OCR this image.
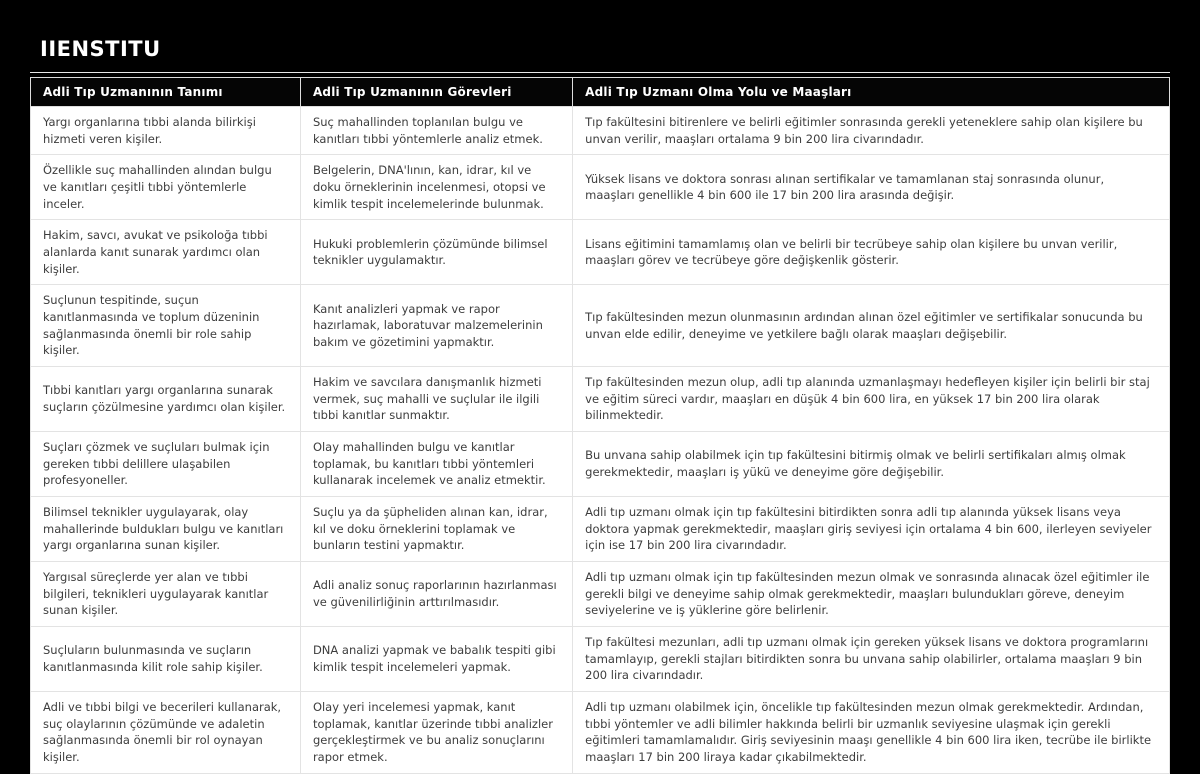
IIENSTITU
Adli Tıp Uzmanının Tanımı	Adli Tıp Uzmanının Görevleri	Adli Tıp Uzmanı Olma Yolu ve Maaşları
Yargı organlarına tıbbi alanda bilirkişi hizmeti veren kişiler.	Suç mahallinden toplanılan bulgu ve kanıtları tıbbi yöntemlerle analiz etmek.	Tıp fakültesini bitirenlere ve belirli eğitimler sonrasında gerekli yeteneklere sahip olan kişilere bu unvan verilir, maaşları ortalama 9 bin 200 lira civarındadır.
Özellikle suç mahallinden alından bulgu ve kanıtları çeşitli tıbbi yöntemlerle inceler.	Belgelerin, DNA'lının, kan, idrar, kıl ve doku örneklerinin incelenmesi, otopsi ve kimlik tespit incelemelerinde bulunmak.	Yüksek lisans ve doktora sonrası alınan sertifikalar ve tamamlanan staj sonrasında olunur, maaşları genellikle 4 bin 600 ile 17 bin 200 lira arasında değişir.
Hakim, savcı, avukat ve psikoloğa tıbbi alanlarda kanıt sunarak yardımcı olan kişiler.	Hukuki problemlerin çözümünde bilimsel teknikler uygulamaktır.	Lisans eğitimini tamamlamış olan ve belirli bir tecrübeye sahip olan kişilere bu unvan verilir, maaşları görev ve tecrübeye göre değişkenlik gösterir.
Suçlunun tespitinde, suçun kanıtlanmasında ve toplum düzeninin sağlanmasında önemli bir role sahip kişiler.	Kanıt analizleri yapmak ve rapor hazırlamak, laboratuvar malzemelerinin bakım ve gözetimini yapmaktır.	Tıp fakültesinden mezun olunmasının ardından alınan özel eğitimler ve sertifikalar sonucunda bu unvan elde edilir, deneyime ve yetkilere bağlı olarak maaşları değişebilir.
Tıbbi kanıtları yargı organlarına sunarak suçların çözülmesine yardımcı olan kişiler.	Hakim ve savcılara danışmanlık hizmeti vermek, suç mahalli ve suçlular ile ilgili tıbbi kanıtlar sunmaktır.	Tıp fakültesinden mezun olup, adli tıp alanında uzmanlaşmayı hedefleyen kişiler için belirli bir staj ve eğitim süreci vardır, maaşları en düşük 4 bin 600 lira, en yüksek 17 bin 200 lira olarak bilinmektedir.
Suçları çözmek ve suçluları bulmak için gereken tıbbi delillere ulaşabilen profesyoneller.	Olay mahallinden bulgu ve kanıtlar toplamak, bu kanıtları tıbbi yöntemleri kullanarak incelemek ve analiz etmektir.	Bu unvana sahip olabilmek için tıp fakültesini bitirmiş olmak ve belirli sertifikaları almış olmak gerekmektedir, maaşları iş yükü ve deneyime göre değişebilir.
Bilimsel teknikler uygulayarak, olay mahallerinde buldukları bulgu ve kanıtları yargı organlarına sunan kişiler.	Suçlu ya da şüpheliden alınan kan, idrar, kıl ve doku örneklerini toplamak ve bunların testini yapmaktır.	Adli tıp uzmanı olmak için tıp fakültesini bitirdikten sonra adli tıp alanında yüksek lisans veya doktora yapmak gerekmektedir, maaşları giriş seviyesi için ortalama 4 bin 600, ilerleyen seviyeler için ise 17 bin 200 lira civarındadır.
Yargısal süreçlerde yer alan ve tıbbi bilgileri, teknikleri uygulayarak kanıtlar sunan kişiler.	Adli analiz sonuç raporlarının hazırlanması ve güvenilirliğinin arttırılmasıdır.	Adli tıp uzmanı olmak için tıp fakültesinden mezun olmak ve sonrasında alınacak özel eğitimler ile gerekli bilgi ve deneyime sahip olmak gerekmektedir, maaşları bulundukları göreve, deneyim seviyelerine ve iş yüklerine göre belirlenir.
Suçluların bulunmasında ve suçların kanıtlanmasında kilit role sahip kişiler.	DNA analizi yapmak ve babalık tespiti gibi kimlik tespit incelemeleri yapmak.	Tıp fakültesi mezunları, adli tıp uzmanı olmak için gereken yüksek lisans ve doktora programlarını tamamlayıp, gerekli stajları bitirdikten sonra bu unvana sahip olabilirler, ortalama maaşları 9 bin 200 lira civarındadır.
Adli ve tıbbi bilgi ve becerileri kullanarak, suç olaylarının çözümünde ve adaletin sağlanmasında önemli bir rol oynayan kişiler.	Olay yeri incelemesi yapmak, kanıt toplamak, kanıtlar üzerinde tıbbi analizler gerçekleştirmek ve bu analiz sonuçlarını rapor etmek.	Adli tıp uzmanı olabilmek için, öncelikle tıp fakültesinden mezun olmak gerekmektedir. Ardından, tıbbi yöntemler ve adli bilimler hakkında belirli bir uzmanlık seviyesine ulaşmak için gerekli eğitimleri tamamlamalıdır. Giriş seviyesinin maaşı genellikle 4 bin 600 lira iken, tecrübe ile birlikte maaşları 17 bin 200 liraya kadar çıkabilmektedir.
